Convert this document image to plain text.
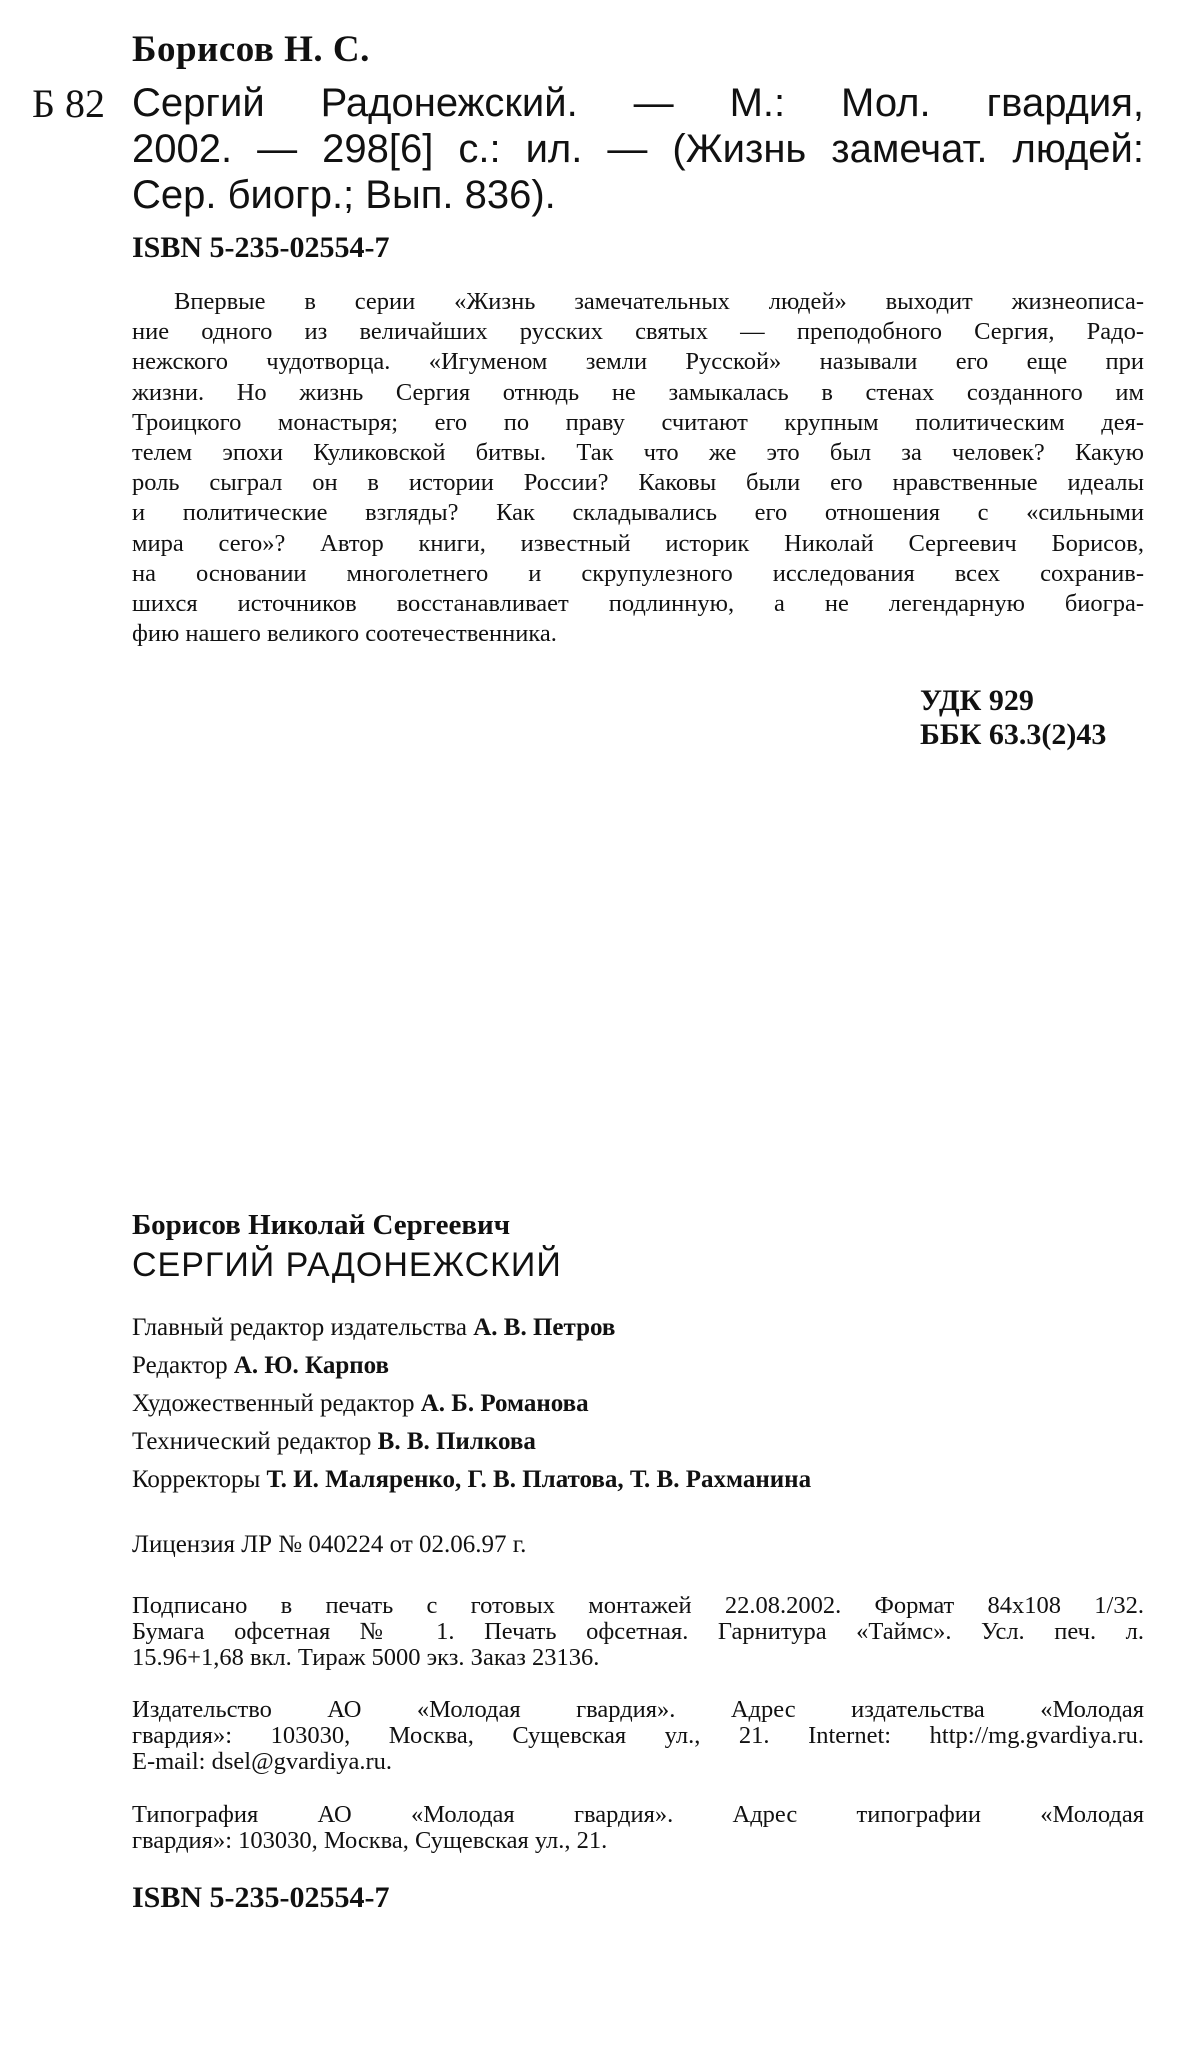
Борисов Н. С.
Б 82 Сергий Радонежский. — М.: Мол. гвардия,
2002. — 298[6] с.: ил. — (Жизнь замечат. людей:
Сер. биогр.; Вып. 836).
ISBN 5-235-02554-7
Впервые в серии «Жизнь замечательных людей» выходит жизнеописа-
ние одного из величайших русских святых — преподобного Сергия, Радо-
нежского чудотворца. «Игуменом земли Русской» называли его еще при
жизни. Но жизнь Сергия отнюдь не замыкалась в стенах созданного им
Троицкого монастыря; его по праву считают крупным политическим дея-
телем эпохи Куликовской битвы. Так что же это был за человек? Какую
роль сыграл он в истории России? Каковы были его нравственные идеалы
и политические взгляды? Как складывались его отношения с «сильными
мира сего»? Автор книги, известный историк Николай Сергеевич Борисов,
на основании многолетнего и скрупулезного исследования всех сохранив-
шихся источников восстанавливает подлинную, а не легендарную биогра-
фию нашего великого соотечественника.
УДК 929
ББК 63.3(2)43
Борисов Николай Сергеевич
СЕРГИЙ РАДОНЕЖСКИЙ
Главный редактор издательства А. В. Петров
Редактор А. Ю. Карпов
Художественный редактор А. Б. Романова
Технический редактор В. В. Пилкова
Корректоры Т. И. Маляренко, Г. В. Платова, Т. В. Рахманина
Лицензия ЛР № 040224 от 02.06.97 г.
Подписано в печать с готовых монтажей 22.08.2002. Формат 84x108 1/32.
Бумага офсетная № 1. Печать офсетная. Гарнитура «Таймс». Усл. печ. л.
15.96+1,68 вкл. Тираж 5000 экз. Заказ 23136.
Издательство АО «Молодая гвардия». Адрес издательства «Молодая
гвардия»: 103030, Москва, Сущевская ул., 21. Internet: http://mg.gvardiya.ru.
E-mail: dsel@gvardiya.ru.
Типография АО «Молодая гвардия». Адрес типографии «Молодая
гвардия»: 103030, Москва, Сущевская ул., 21.
ISBN 5-235-02554-7
